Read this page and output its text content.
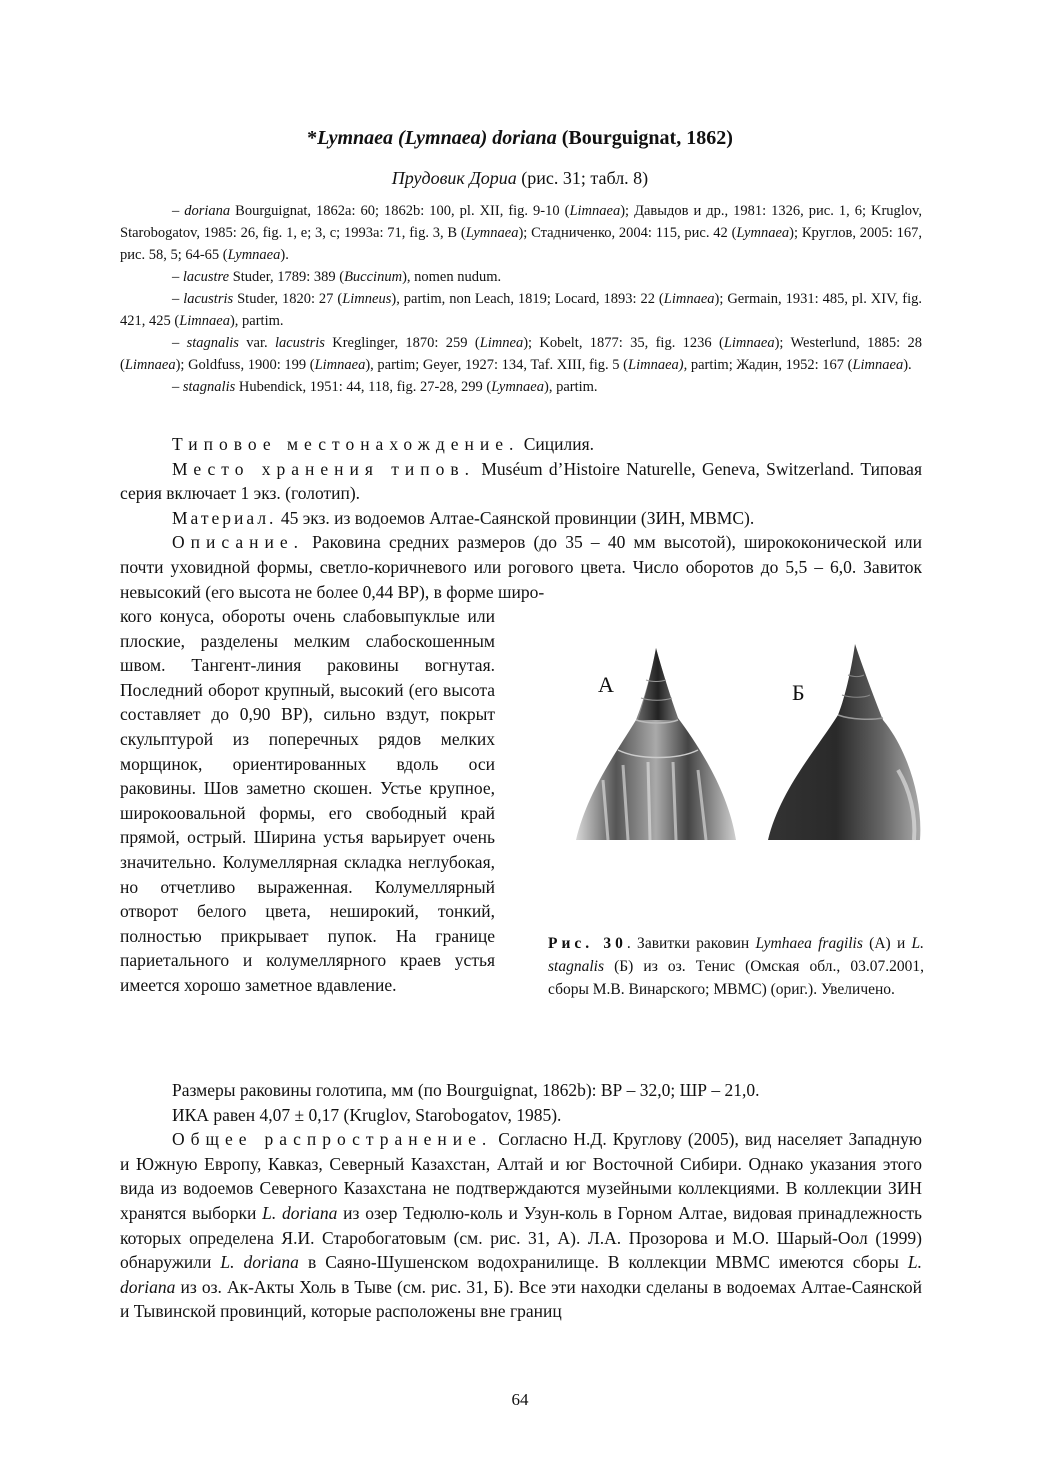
*Lymnaea (Lymnaea) doriana (Bourguignat, 1862)
Прудовик Дориа (рис. 31; табл. 8)

– doriana Bourguignat, 1862a: 60; 1862b: 100, pl. XII, fig. 9-10 (Limnaea); Давыдов и др., 1981: 1326, рис. 1, 6; Kruglov, Starobogatov, 1985: 26, fig. 1, e; 3, c; 1993a: 71, fig. 3, B (Lymnaea); Стадниченко, 2004: 115, рис. 42 (Lymnaea); Круглов, 2005: 167, рис. 58, 5; 64-65 (Lymnaea).

– lacustre Studer, 1789: 389 (Buccinum), nomen nudum.

– lacustris Studer, 1820: 27 (Limneus), partim, non Leach, 1819; Locard, 1893: 22 (Limnaea); Germain, 1931: 485, pl. XIV, fig. 421, 425 (Limnaea), partim.

– stagnalis var. lacustris Kreglinger, 1870: 259 (Limnea); Kobelt, 1877: 35, fig. 1236 (Limnaea); Westerlund, 1885: 28 (Limnaea); Goldfuss, 1900: 199 (Limnaea), partim; Geyer, 1927: 134, Taf. XIII, fig. 5 (Limnaea), partim; Жадин, 1952: 167 (Limnaea).

– stagnalis Hubendick, 1951: 44, 118, fig. 27-28, 299 (Lymnaea), partim.

Типовое местонахождение. Сицилия.

Место хранения типов. Muséum d’Histoire Naturelle, Geneva, Switzerland. Типовая серия включает 1 экз. (голотип).

Материал. 45 экз. из водоемов Алтае-Саянской провинции (ЗИН, МВМС).

Описание. Раковина средних размеров (до 35 – 40 мм высотой), ширококонической или почти уховидной формы, светло-коричневого или рогового цвета. Число оборотов до 5,5 – 6,0. Завиток невысокий (его высота не более 0,44 ВР), в форме широ-

кого конуса, обороты очень слабовыпуклые или плоские, разделены мелким слабоскошенным швом. Тангент-линия раковины вогнутая. Последний оборот крупный, высокий (его высота составляет до 0,90 ВР), сильно вздут, покрыт скульптурой из поперечных рядов мелких морщинок, ориентированных вдоль оси раковины. Шов заметно скошен. Устье крупное, широкоовальной формы, его свободный край прямой, острый. Ширина устья варьирует очень значительно. Колумеллярная складка неглубокая, но отчетливо выраженная. Колумеллярный отворот белого цвета, неширокий, тонкий, полностью прикрывает пупок. На границе париетального и колумеллярного краев устья имеется хорошо заметное вдавление.
А	Б
Рис. 30. Завитки раковин Lymhaea fragilis (А) и L. stagnalis (Б) из оз. Тенис (Омская обл., 03.07.2001, сборы М.В. Винарского; МВМС) (ориг.). Увеличено.

Размеры раковины голотипа, мм (по Bourguignat, 1862b): ВР – 32,0; ШР – 21,0.

ИКА равен 4,07 ± 0,17 (Kruglov, Starobogatov, 1985).

Общее распространение. Согласно Н.Д. Круглову (2005), вид населяет Западную и Южную Европу, Кавказ, Северный Казахстан, Алтай и юг Восточной Сибири. Однако указания этого вида из водоемов Северного Казахстана не подтверждаются музейными коллекциями. В коллекции ЗИН хранятся выборки L. doriana из озер Тедюлю-коль и Узун-коль в Горном Алтае, видовая принадлежность которых определена Я.И. Старобогатовым (см. рис. 31, А). Л.А. Прозорова и М.О. Шарый-Оол (1999) обнаружили L. doriana в Саяно-Шушенском водохранилище. В коллекции МВМС имеются сборы L. doriana из оз. Ак-Акты Холь в Тыве (см. рис. 31, Б). Все эти находки сделаны в водоемах Алтае-Саянской и Тывинской провинций, которые расположены вне границ

64
